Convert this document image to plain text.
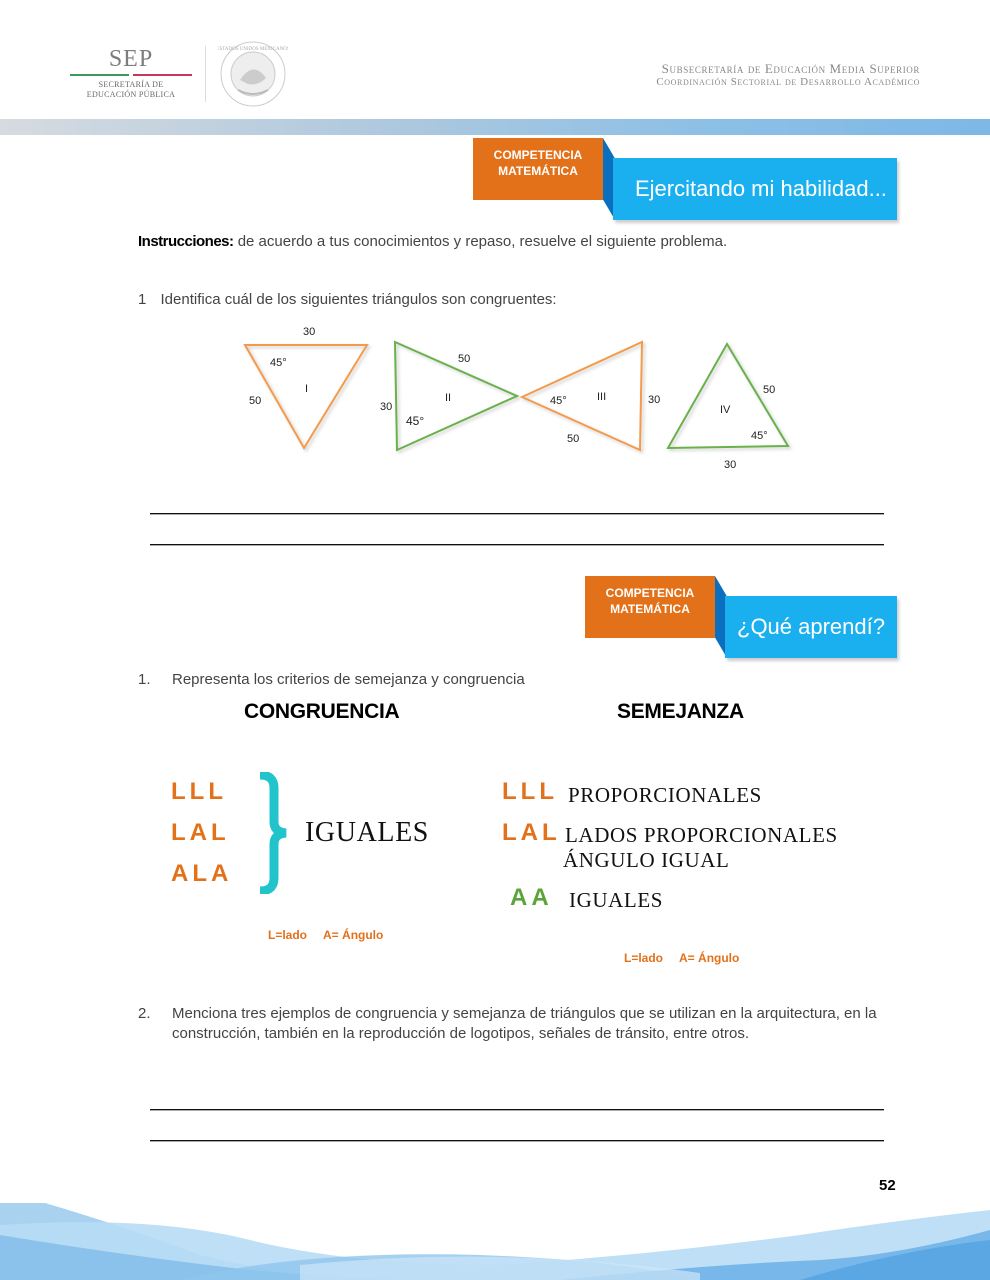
SEP
SECRETARÍA DE
EDUCACIÓN PÚBLICA
ESTADOS UNIDOS MEXICANOS
Subsecretaría de Educación Media Superior
Coordinación Sectorial de Desarrollo Académico
COMPETENCIA
MATEMÁTICA
Ejercitando mi habilidad...
Instrucciones: de acuerdo a tus conocimientos y repaso, resuelve el siguiente problema.
1 Identifica cuál de los siguientes triángulos son congruentes:
30
45°
50
I
50
30
45°
II	45°	30
50
III
50
45°
30
IV
COMPETENCIA
MATEMÁTICA
¿Qué aprendí?
1. Representa los criterios de semejanza y congruencia
CONGRUENCIA	SEMEJANZA
LLL
LAL
ALA
IGUALES
L=lado A= Ángulo
LLL PROPORCIONALES
LAL LADOS PROPORCIONALES
ÁNGULO IGUAL
AA IGUALES
L=lado A= Ángulo
2. Menciona tres ejemplos de congruencia y semejanza de triángulos que se utilizan en la arquitectura, en la
construcción, también en la reproducción de logotipos, señales de tránsito, entre otros.
52
